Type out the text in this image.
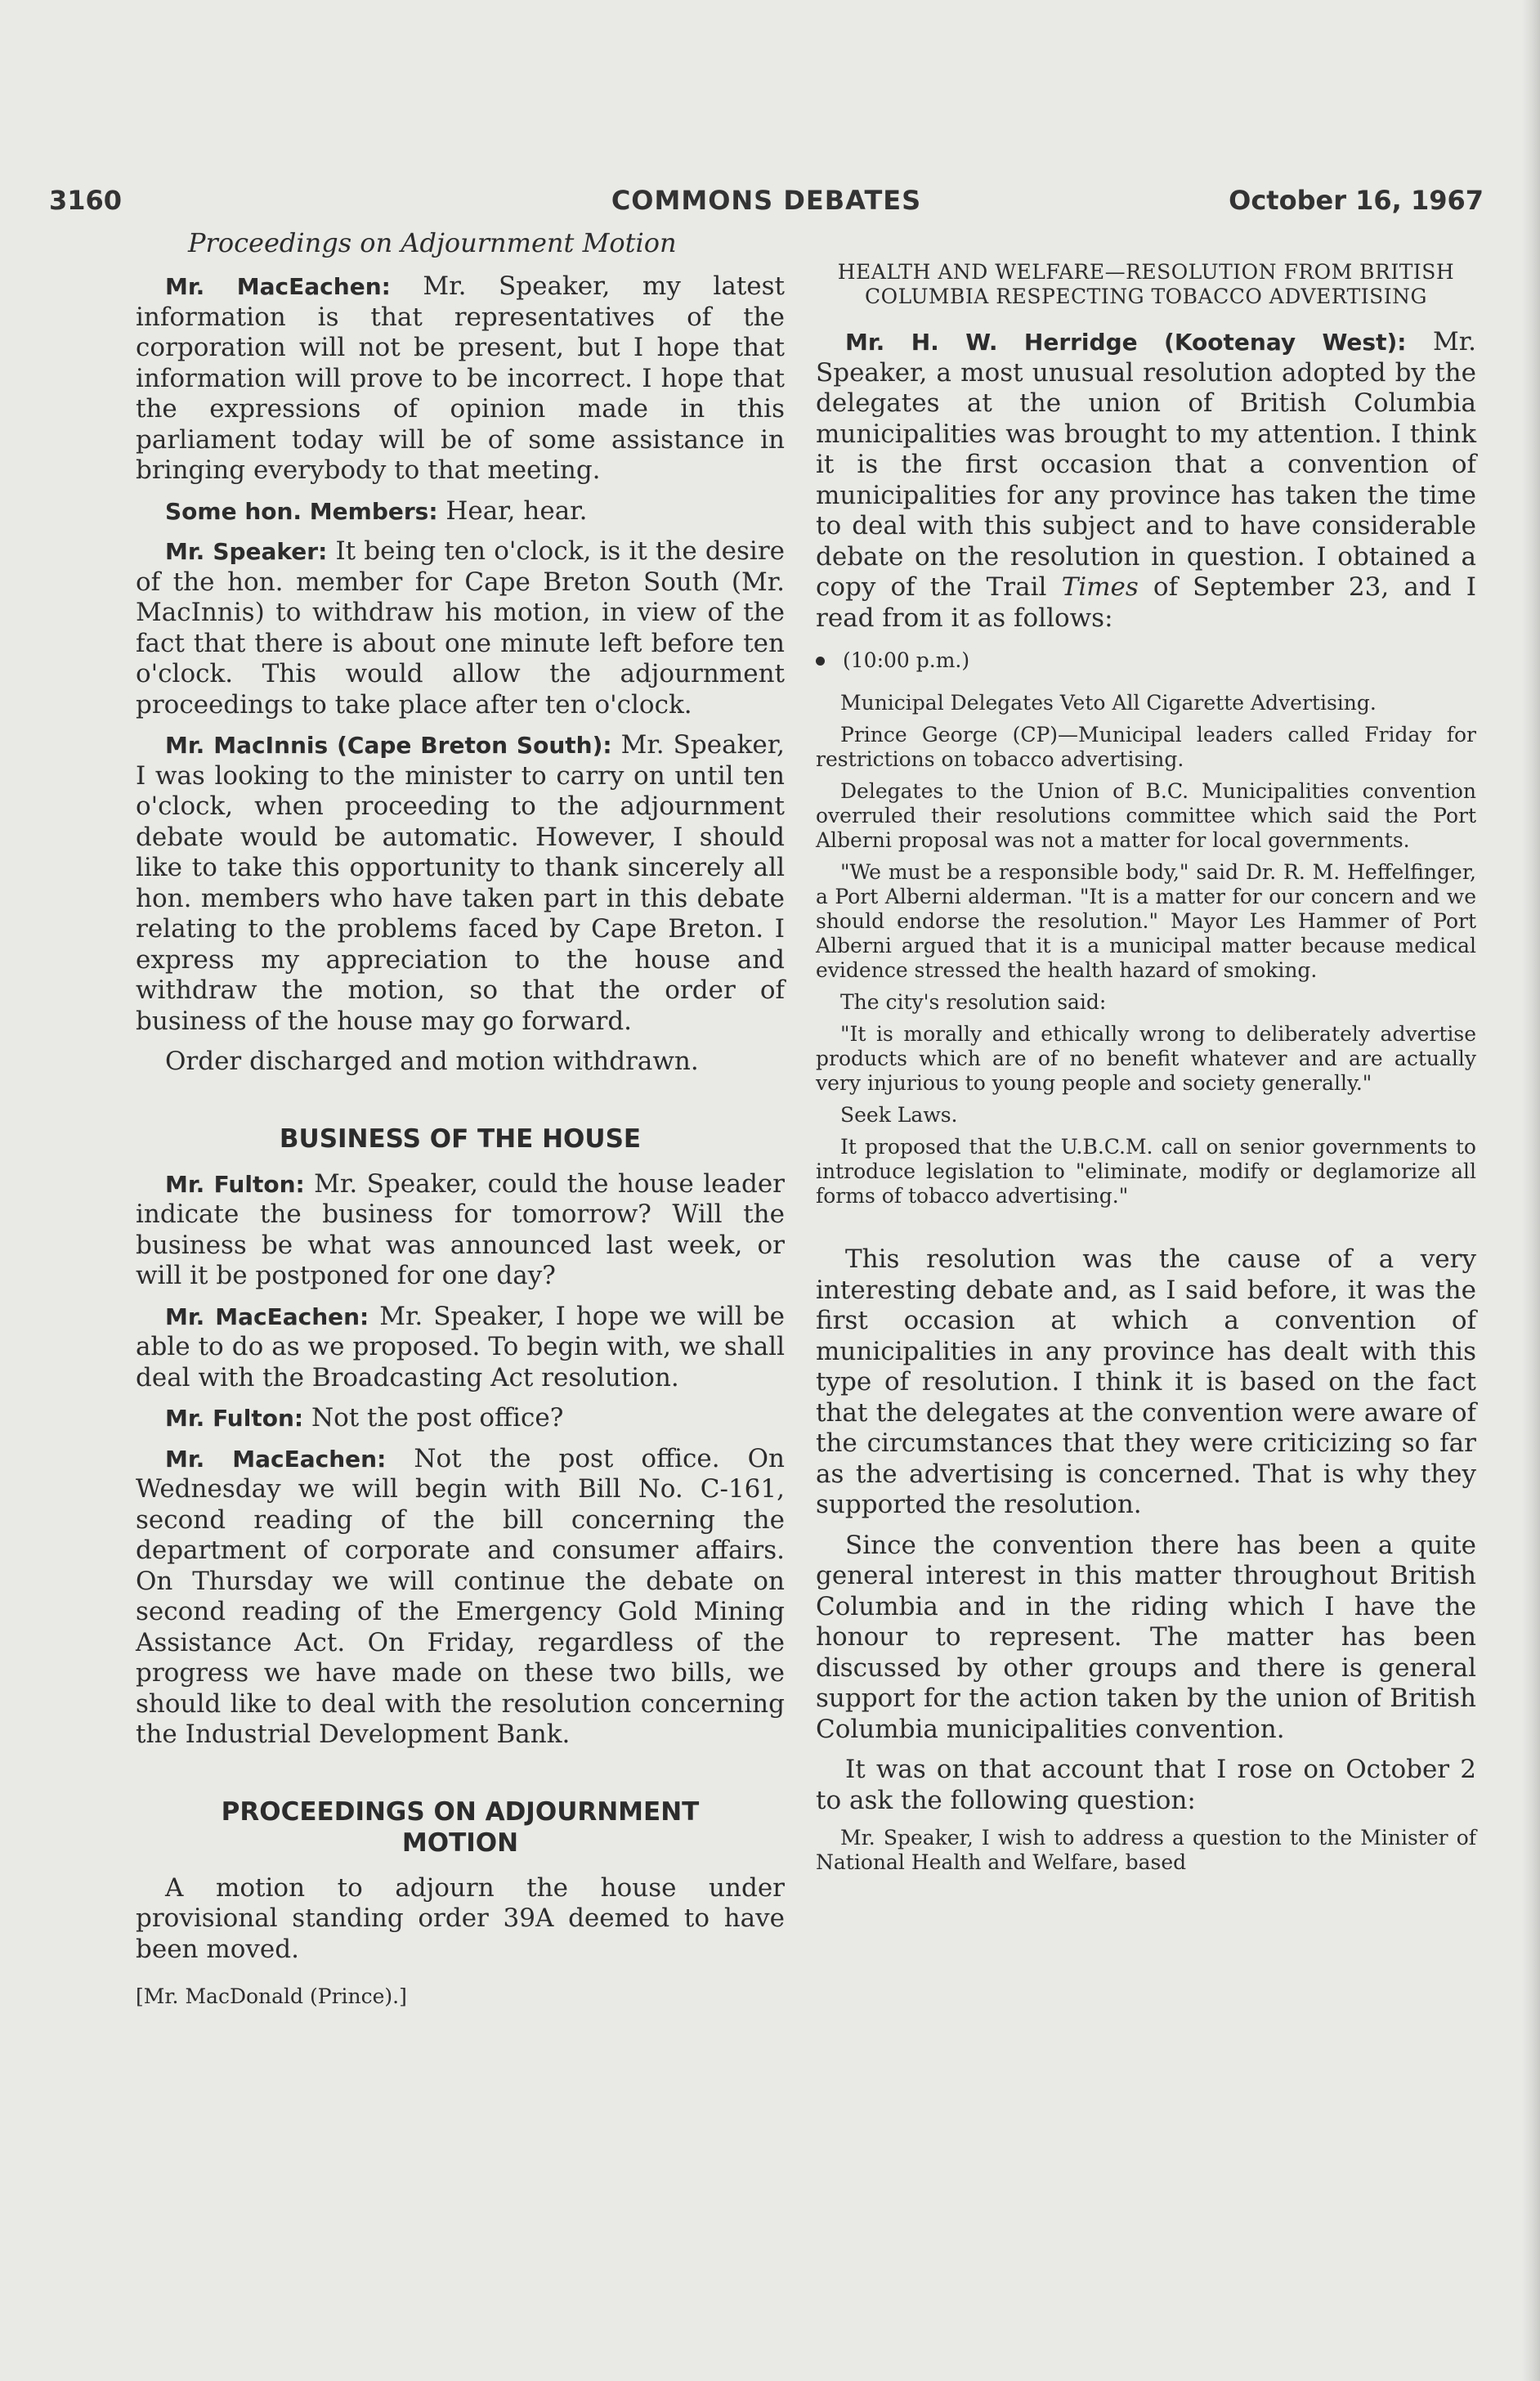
3160	COMMONS DEBATES	October 16, 1967
Proceedings on Adjournment Motion

Mr. MacEachen: Mr. Speaker, my latest information is that representatives of the corporation will not be present, but I hope that information will prove to be incorrect. I hope that the expressions of opinion made in this parliament today will be of some assistance in bringing everybody to that meeting.

Some hon. Members: Hear, hear.

Mr. Speaker: It being ten o'clock, is it the desire of the hon. member for Cape Breton South (Mr. MacInnis) to withdraw his motion, in view of the fact that there is about one minute left before ten o'clock. This would allow the adjournment proceedings to take place after ten o'clock.

Mr. MacInnis (Cape Breton South): Mr. Speaker, I was looking to the minister to carry on until ten o'clock, when proceeding to the adjournment debate would be automatic. However, I should like to take this opportunity to thank sincerely all hon. members who have taken part in this debate relating to the problems faced by Cape Breton. I express my appreciation to the house and withdraw the motion, so that the order of business of the house may go forward.

Order discharged and motion withdrawn.

BUSINESS OF THE HOUSE

Mr. Fulton: Mr. Speaker, could the house leader indicate the business for tomorrow? Will the business be what was announced last week, or will it be postponed for one day?

Mr. MacEachen: Mr. Speaker, I hope we will be able to do as we proposed. To begin with, we shall deal with the Broadcasting Act resolution.

Mr. Fulton: Not the post office?

Mr. MacEachen: Not the post office. On Wednesday we will begin with Bill No. C-161, second reading of the bill concerning the department of corporate and consumer affairs. On Thursday we will continue the debate on second reading of the Emergency Gold Mining Assistance Act. On Friday, regardless of the progress we have made on these two bills, we should like to deal with the resolution concerning the Industrial Development Bank.

PROCEEDINGS ON ADJOURNMENT
MOTION

A motion to adjourn the house under provisional standing order 39A deemed to have been moved.

[Mr. MacDonald (Prince).]
HEALTH AND WELFARE—RESOLUTION FROM BRITISH COLUMBIA RESPECTING TOBACCO ADVERTISING

Mr. H. W. Herridge (Kootenay West): Mr. Speaker, a most unusual resolution adopted by the delegates at the union of British Columbia municipalities was brought to my attention. I think it is the first occasion that a convention of municipalities for any province has taken the time to deal with this subject and to have considerable debate on the resolution in question. I obtained a copy of the Trail Times of September 23, and I read from it as follows:

(10:00 p.m.)

Municipal Delegates Veto All Cigarette Advertising.

Prince George (CP)—Municipal leaders called Friday for restrictions on tobacco advertising.

Delegates to the Union of B.C. Municipalities convention overruled their resolutions committee which said the Port Alberni proposal was not a matter for local governments.

"We must be a responsible body," said Dr. R. M. Heffelfinger, a Port Alberni alderman. "It is a matter for our concern and we should endorse the resolution." Mayor Les Hammer of Port Alberni argued that it is a municipal matter because medical evidence stressed the health hazard of smoking.

The city's resolution said:

"It is morally and ethically wrong to deliberately advertise products which are of no benefit whatever and are actually very injurious to young people and society generally."

Seek Laws.

It proposed that the U.B.C.M. call on senior governments to introduce legislation to "eliminate, modify or deglamorize all forms of tobacco advertising."

This resolution was the cause of a very interesting debate and, as I said before, it was the first occasion at which a convention of municipalities in any province has dealt with this type of resolution. I think it is based on the fact that the delegates at the convention were aware of the circumstances that they were criticizing so far as the advertising is concerned. That is why they supported the resolution.

Since the convention there has been a quite general interest in this matter throughout British Columbia and in the riding which I have the honour to represent. The matter has been discussed by other groups and there is general support for the action taken by the union of British Columbia municipalities convention.

It was on that account that I rose on October 2 to ask the following question:

Mr. Speaker, I wish to address a question to the Minister of National Health and Welfare, based
